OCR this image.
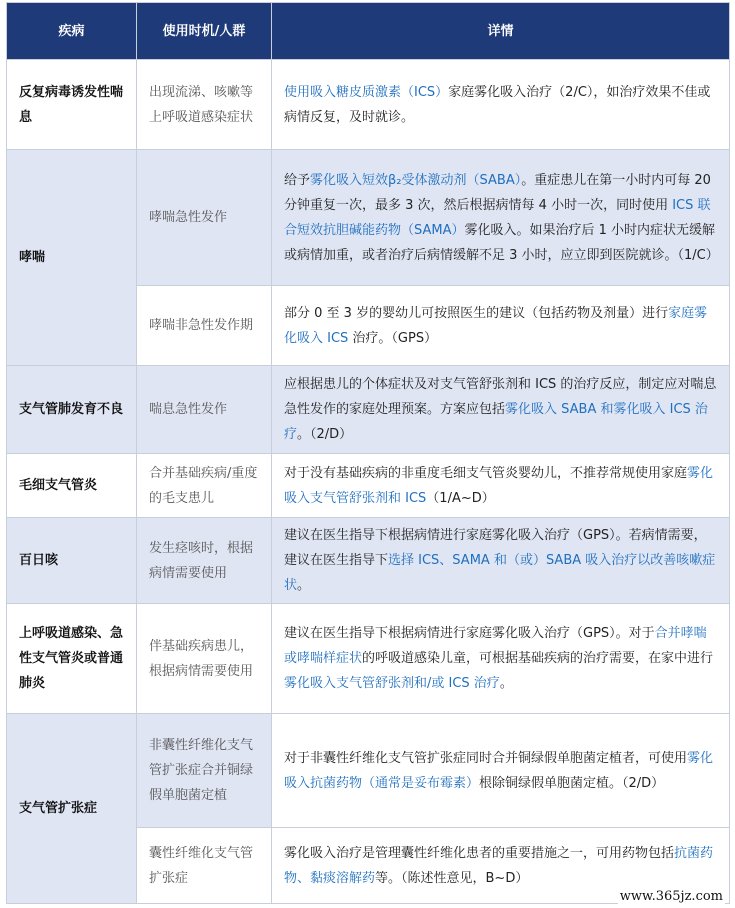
疾病	使用时机/人群	详情
反复病毒诱发性喘息	出现流涕、咳嗽等上呼吸道感染症状	使用吸入糖皮质激素（ICS）家庭雾化吸入治疗（2/C），如治疗效果不佳或病情反复，及时就诊。
哮喘	哮喘急性发作	给予雾化吸入短效β₂受体激动剂（SABA）。重症患儿在第一小时内可每 20 分钟重复一次，最多 3 次，然后根据病情每 4 小时一次，同时使用 ICS 联合短效抗胆碱能药物（SAMA）雾化吸入。如果治疗后 1 小时内症状无缓解或病情加重，或者治疗后病情缓解不足 3 小时，应立即到医院就诊。（1/C）
	哮喘非急性发作期	部分 0 至 3 岁的婴幼儿可按照医生的建议（包括药物及剂量）进行家庭雾化吸入 ICS 治疗。（GPS）
支气管肺发育不良	喘息急性发作	应根据患儿的个体症状及对支气管舒张剂和 ICS 的治疗反应，制定应对喘息急性发作的家庭处理预案。方案应包括雾化吸入 SABA 和雾化吸入 ICS 治疗。（2/D）
毛细支气管炎	合并基础疾病/重度的毛支患儿	对于没有基础疾病的非重度毛细支气管炎婴幼儿，不推荐常规使用家庭雾化吸入支气管舒张剂和 ICS（1/A~D）
百日咳	发生痉咳时，根据病情需要使用	建议在医生指导下根据病情进行家庭雾化吸入治疗（GPS）。若病情需要，建议在医生指导下选择 ICS、SAMA 和（或）SABA 吸入治疗以改善咳嗽症状。
上呼吸道感染、急性支气管炎或普通肺炎	伴基础疾病患儿，根据病情需要使用	建议在医生指导下根据病情进行家庭雾化吸入治疗（GPS）。对于合并哮喘或哮喘样症状的呼吸道感染儿童，可根据基础疾病的治疗需要，在家中进行雾化吸入支气管舒张剂和/或 ICS 治疗。
支气管扩张症	非囊性纤维化支气管扩张症合并铜绿假单胞菌定植	对于非囊性纤维化支气管扩张症同时合并铜绿假单胞菌定植者，可使用雾化吸入抗菌药物（通常是妥布霉素）根除铜绿假单胞菌定植。（2/D）
	囊性纤维化支气管扩张症	雾化吸入治疗是管理囊性纤维化患者的重要措施之一，可用药物包括抗菌药物、黏痰溶解药等。（陈述性意见，B~D）
www.365jz.com
